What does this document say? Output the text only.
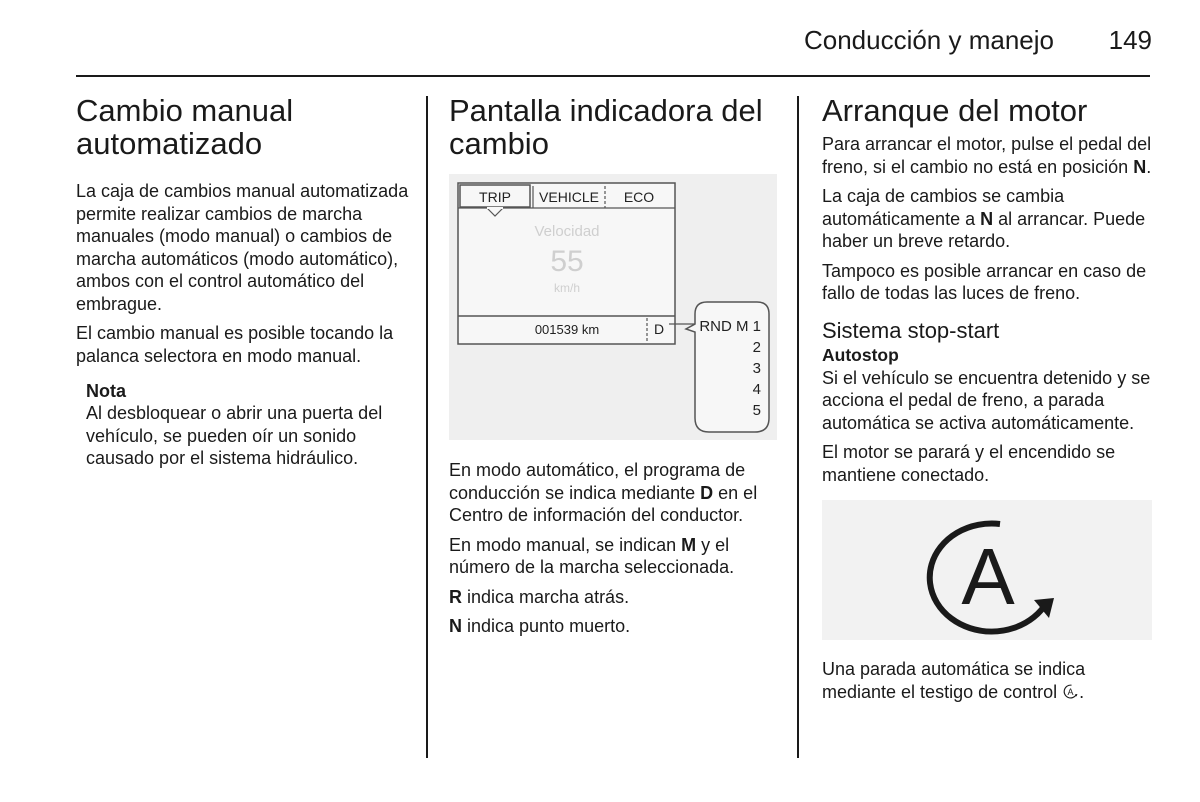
Conducción y manejo 149
Cambio manual automatizado
La caja de cambios manual automatizada permite realizar cambios de marcha manuales (modo manual) o cambios de marcha automáticos (modo automático), ambos con el control automático del embrague.
El cambio manual es posible tocando la palanca selectora en modo manual.
Nota
Al desbloquear o abrir una puerta del vehículo, se pueden oír un sonido causado por el sistema hidráulico.
Pantalla indicadora del cambio
TRIP VEHICLE ECO
Velocidad
55
km/h
001539 km	D RND M 1
2
3
4
5
En modo automático, el programa de conducción se indica mediante D en el Centro de información del conductor.
En modo manual, se indican M y el número de la marcha seleccionada.
R indica marcha atrás.
N indica punto muerto.
Arranque del motor
Para arrancar el motor, pulse el pedal del freno, si el cambio no está en posición N.
La caja de cambios se cambia automáticamente a N al arrancar. Puede haber un breve retardo.
Tampoco es posible arrancar en caso de fallo de todas las luces de freno.
Sistema stop-start
Autostop
Si el vehículo se encuentra detenido y se acciona el pedal de freno, a parada automática se activa automáticamente.
El motor se parará y el encendido se mantiene conectado.
A
Una parada automática se indica mediante el testigo de control A .
